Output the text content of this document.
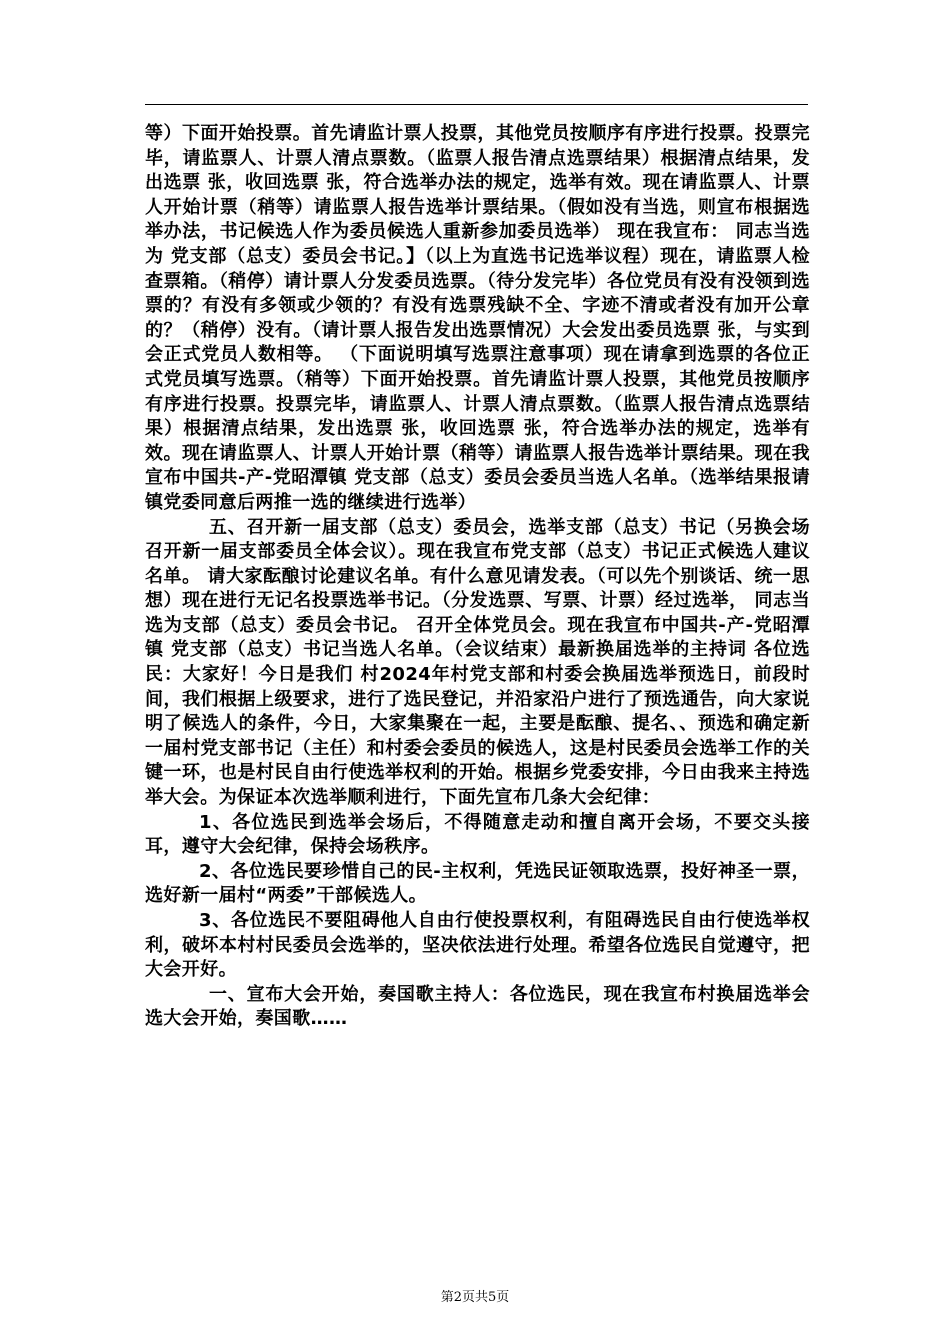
等）下面开始投票。首先请监计票人投票，其他党员按顺序有序进行投票。投票完毕，请监票人、计票人清点票数。（监票人报告清点选票结果）根据清点结果，发出选票 张，收回选票 张，符合选举办法的规定，选举有效。现在请监票人、计票人开始计票（稍等）请监票人报告选举计票结果。（假如没有当选，则宣布根据选举办法，书记候选人作为委员候选人重新参加委员选举） 现在我宣布： 同志当选为 党支部（总支）委员会书记。】（以上为直选书记选举议程）现在，请监票人检查票箱。（稍停）请计票人分发委员选票。（待分发完毕）各位党员有没有没领到选票的？有没有多领或少领的？有没有选票残缺不全、字迹不清或者没有加开公章的？（稍停）没有。（请计票人报告发出选票情况）大会发出委员选票 张，与实到会正式党员人数相等。 （下面说明填写选票注意事项）现在请拿到选票的各位正式党员填写选票。（稍等）下面开始投票。首先请监计票人投票，其他党员按顺序有序进行投票。投票完毕，请监票人、计票人清点票数。（监票人报告清点选票结果）根据清点结果，发出选票 张，收回选票 张，符合选举办法的规定，选举有效。现在请监票人、计票人开始计票（稍等）请监票人报告选举计票结果。现在我宣布中国共-产-党昭潭镇 党支部（总支）委员会委员当选人名单。（选举结果报请镇党委同意后两推一选的继续进行选举）

五、召开新一届支部（总支）委员会，选举支部（总支）书记（另换会场召开新一届支部委员全体会议）。现在我宣布党支部（总支）书记正式候选人建议名单。 请大家酝酿讨论建议名单。有什么意见请发表。（可以先个别谈话、统一思想）现在进行无记名投票选举书记。（分发选票、写票、计票）经过选举， 同志当选为支部（总支）委员会书记。 召开全体党员会。现在我宣布中国共-产-党昭潭镇 党支部（总支）书记当选人名单。（会议结束）最新换届选举的主持词 各位选民：大家好！今日是我们 村2024年村党支部和村委会换届选举预选日，前段时间，我们根据上级要求，进行了选民登记，并沿家沿户进行了预选通告，向大家说明了候选人的条件，今日，大家集聚在一起，主要是酝酿、提名、、预选和确定新一届村党支部书记（主任）和村委会委员的候选人，这是村民委员会选举工作的关键一环，也是村民自由行使选举权利的开始。根据乡党委安排，今日由我来主持选举大会。为保证本次选举顺利进行，下面先宣布几条大会纪律：

1、各位选民到选举会场后，不得随意走动和擅自离开会场，不要交头接耳，遵守大会纪律，保持会场秩序。

2、各位选民要珍惜自己的民-主权利，凭选民证领取选票，投好神圣一票，选好新一届村“两委”干部候选人。

3、各位选民不要阻碍他人自由行使投票权利，有阻碍选民自由行使选举权利，破坏本村村民委员会选举的，坚决依法进行处理。希望各位选民自觉遵守，把大会开好。

一、宣布大会开始，奏国歌主持人：各位选民，现在我宣布村换届选举会选大会开始，奏国歌……

第2页共5页
